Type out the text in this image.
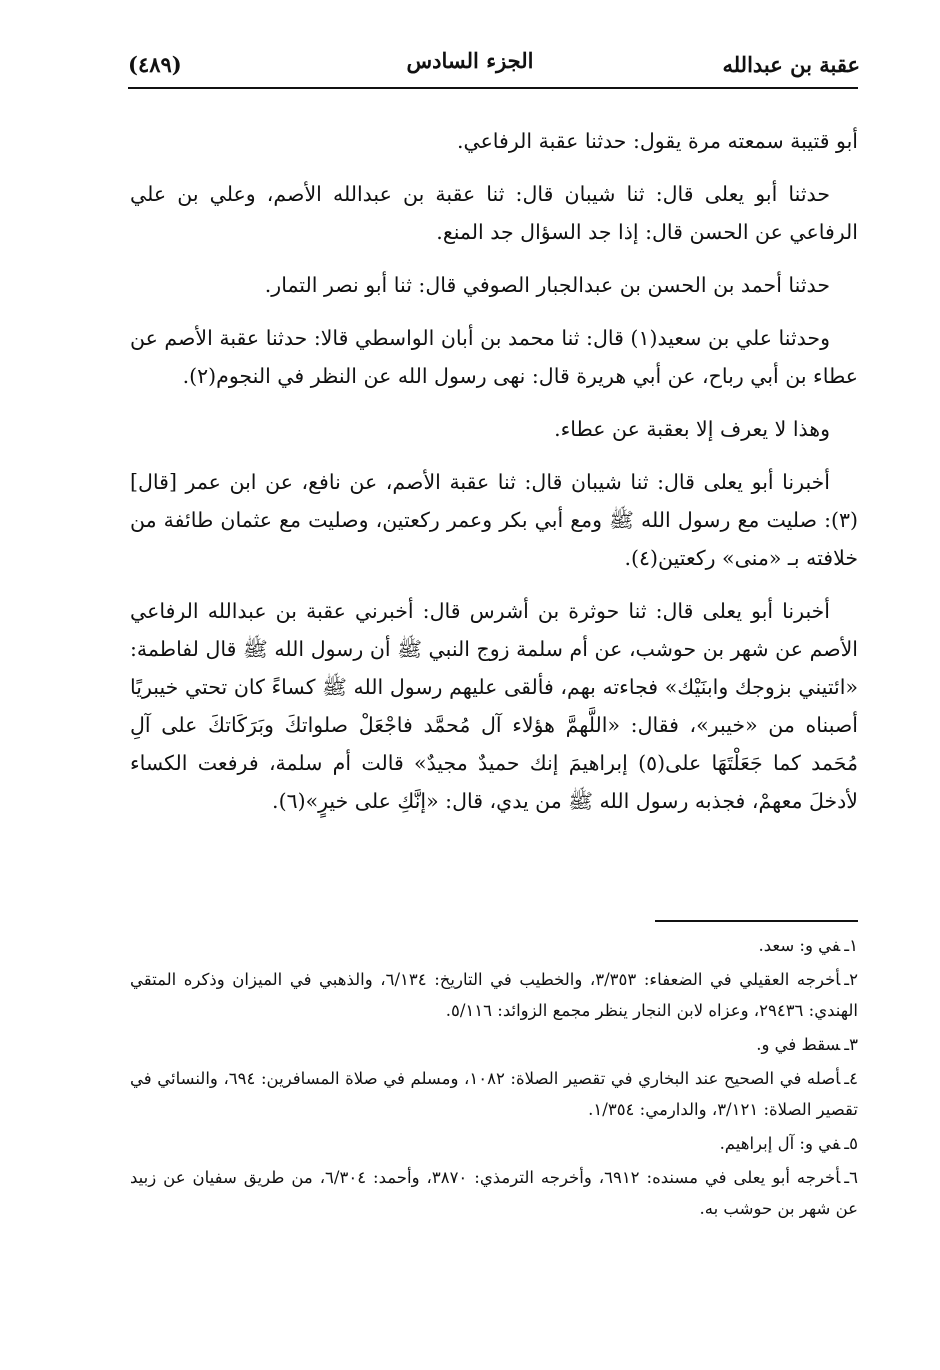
عقبة بن عبدالله
الجزء السادس
(٤٨٩)

أبو قتيبة سمعته مرة يقول: حدثنا عقبة الرفاعي.

حدثنا أبو يعلى قال: ثنا شيبان قال: ثنا عقبة بن عبدالله الأصم، وعلي بن علي الرفاعي عن الحسن قال: إذا جد السؤال جد المنع.

حدثنا أحمد بن الحسن بن عبدالجبار الصوفي قال: ثنا أبو نصر التمار.

وحدثنا علي بن سعيد(١) قال: ثنا محمد بن أبان الواسطي قالا: حدثنا عقبة الأصم عن عطاء بن أبي رباح، عن أبي هريرة قال: نهى رسول الله عن النظر في النجوم(٢).

وهذا لا يعرف إلا بعقبة عن عطاء.

أخبرنا أبو يعلى قال: ثنا شيبان قال: ثنا عقبة الأصم، عن نافع، عن ابن عمر [قال](٣): صليت مع رسول الله ﷺ ومع أبي بكر وعمر ركعتين، وصليت مع عثمان طائفة من خلافته بـ «منى» ركعتين(٤).

أخبرنا أبو يعلى قال: ثنا حوثرة بن أشرس قال: أخبرني عقبة بن عبدالله الرفاعي الأصم عن شهر بن حوشب، عن أم سلمة زوج النبي ﷺ أن رسول الله ﷺ قال لفاطمة: «ائتيني بزوجك وابنَيْك» فجاءته بهم، فألقى عليهم رسول الله ﷺ كساءً كان تحتي خيبريًا أصبناه من «خيبر»، فقال: «اللَّهمَّ هؤلاء آل مُحمَّد فاجْعَلْ صلواتكَ وبَرَكَاتكَ على آلِ مُحَمد كما جَعَلْتَهَا على(٥) إبراهيمَ إنك حميدٌ مجيدٌ» قالت أم سلمة، فرفعت الكساء لأدخلَ معهمْ، فجذبه رسول الله ﷺ من يدي، قال: «إنَّكِ على خيرٍ»(٦).

١ـفي و: سعد.
٢ـأخرجه العقيلي في الضعفاء: ٣/٣٥٣، والخطيب في التاريخ: ٦/١٣٤، والذهبي في الميزان وذكره المتقي الهندي: ٢٩٤٣٦، وعزاه لابن النجار ينظر مجمع الزوائد: ٥/١١٦.
٣ـسقط في و.
٤ـأصله في الصحيح عند البخاري في تقصير الصلاة: ١٠٨٢، ومسلم في صلاة المسافرين: ٦٩٤، والنسائي في تقصير الصلاة: ٣/١٢١، والدارمي: ١/٣٥٤.
٥ـفي و: آل إبراهيم.
٦ـأخرجه أبو يعلى في مسنده: ٦٩١٢، وأخرجه الترمذي: ٣٨٧٠، وأحمد: ٦/٣٠٤، من طريق سفيان عن زبيد عن شهر بن حوشب به.
